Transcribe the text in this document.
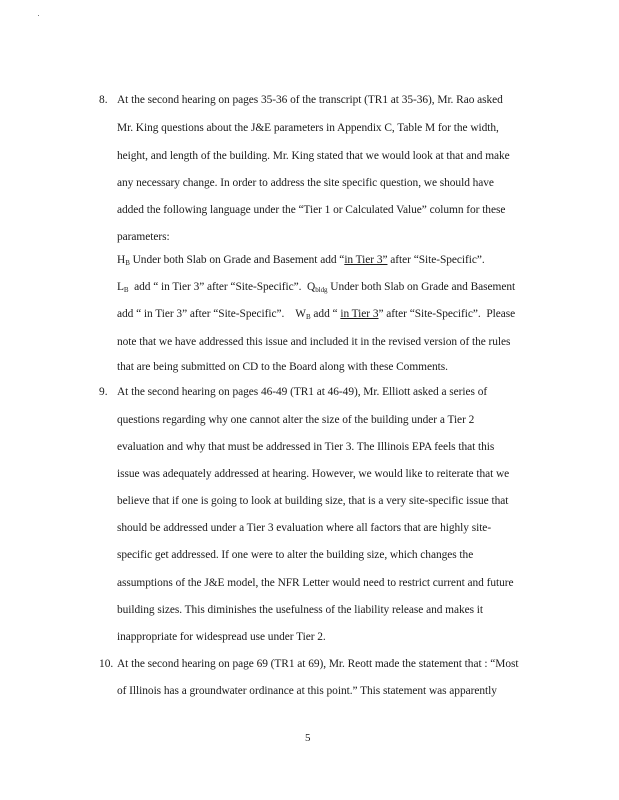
8. At the second hearing on pages 35-36 of the transcript (TR1 at 35-36), Mr. Rao asked
Mr. King questions about the J&E parameters in Appendix C, Table M for the width,
height, and length of the building. Mr. King stated that we would look at that and make
any necessary change. In order to address the site specific question, we should have
added the following language under the “Tier 1 or Calculated Value” column for these
parameters:
$H_B$ Under both Slab on Grade and Basement add “in Tier 3” after “Site-Specific”.
$L_B$ add “ in Tier 3” after “Site-Specific”. $Q_{bldg}$ Under both Slab on Grade and Basement
add “ in Tier 3” after “Site-Specific”. $W_B$ add “ in Tier 3” after “Site-Specific”. Please
note that we have addressed this issue and included it in the revised version of the rules
that are being submitted on CD to the Board along with these Comments.
9. At the second hearing on pages 46-49 (TR1 at 46-49), Mr. Elliott asked a series of
questions regarding why one cannot alter the size of the building under a Tier 2
evaluation and why that must be addressed in Tier 3. The Illinois EPA feels that this
issue was adequately addressed at hearing. However, we would like to reiterate that we
believe that if one is going to look at building size, that is a very site-specific issue that
should be addressed under a Tier 3 evaluation where all factors that are highly site-
specific get addressed. If one were to alter the building size, which changes the
assumptions of the J&E model, the NFR Letter would need to restrict current and future
building sizes. This diminishes the usefulness of the liability release and makes it
inappropriate for widespread use under Tier 2.
10. At the second hearing on page 69 (TR1 at 69), Mr. Reott made the statement that : “Most
of Illinois has a groundwater ordinance at this point.” This statement was apparently
5
